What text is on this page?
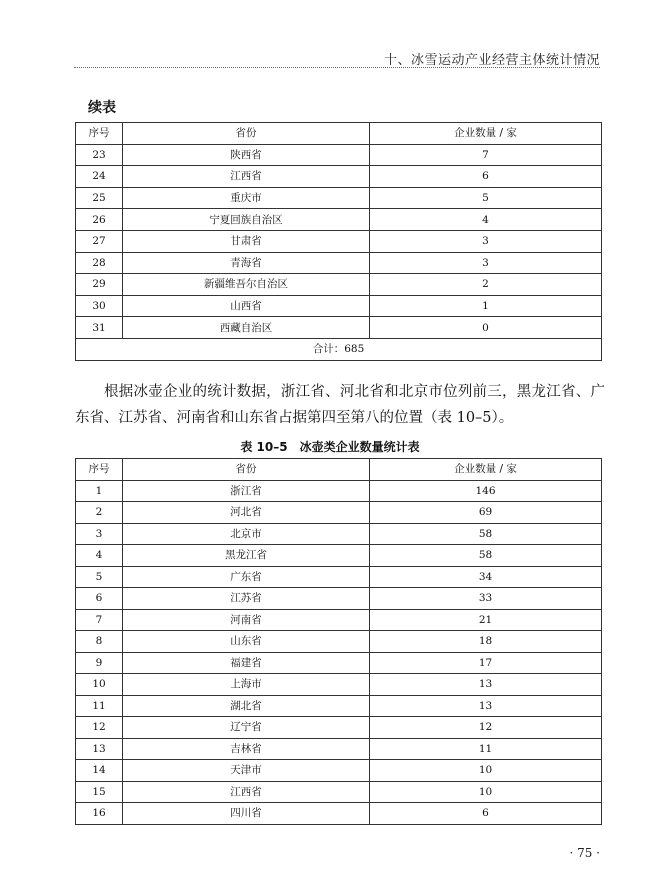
十、冰雪运动产业经营主体统计情况
续表
序号	省份	企业数量 / 家
23	陕西省	7
24	江西省	6
25	重庆市	5
26	宁夏回族自治区	4
27	甘肃省	3
28	青海省	3
29	新疆维吾尔自治区	2
30	山西省	1
31	西藏自治区	0
合计：685		
根据冰壶企业的统计数据，浙江省、河北省和北京市位列前三，黑龙江省、广东省、江苏省、河南省和山东省占据第四至第八的位置（表 10–5）。
表 10–5　冰壶类企业数量统计表
序号	省份	企业数量 / 家
1	浙江省	146
2	河北省	69
3	北京市	58
4	黑龙江省	58
5	广东省	34
6	江苏省	33
7	河南省	21
8	山东省	18
9	福建省	17
10	上海市	13
11	湖北省	13
12	辽宁省	12
13	吉林省	11
14	天津市	10
15	江西省	10
16	四川省	6
· 75 ·
